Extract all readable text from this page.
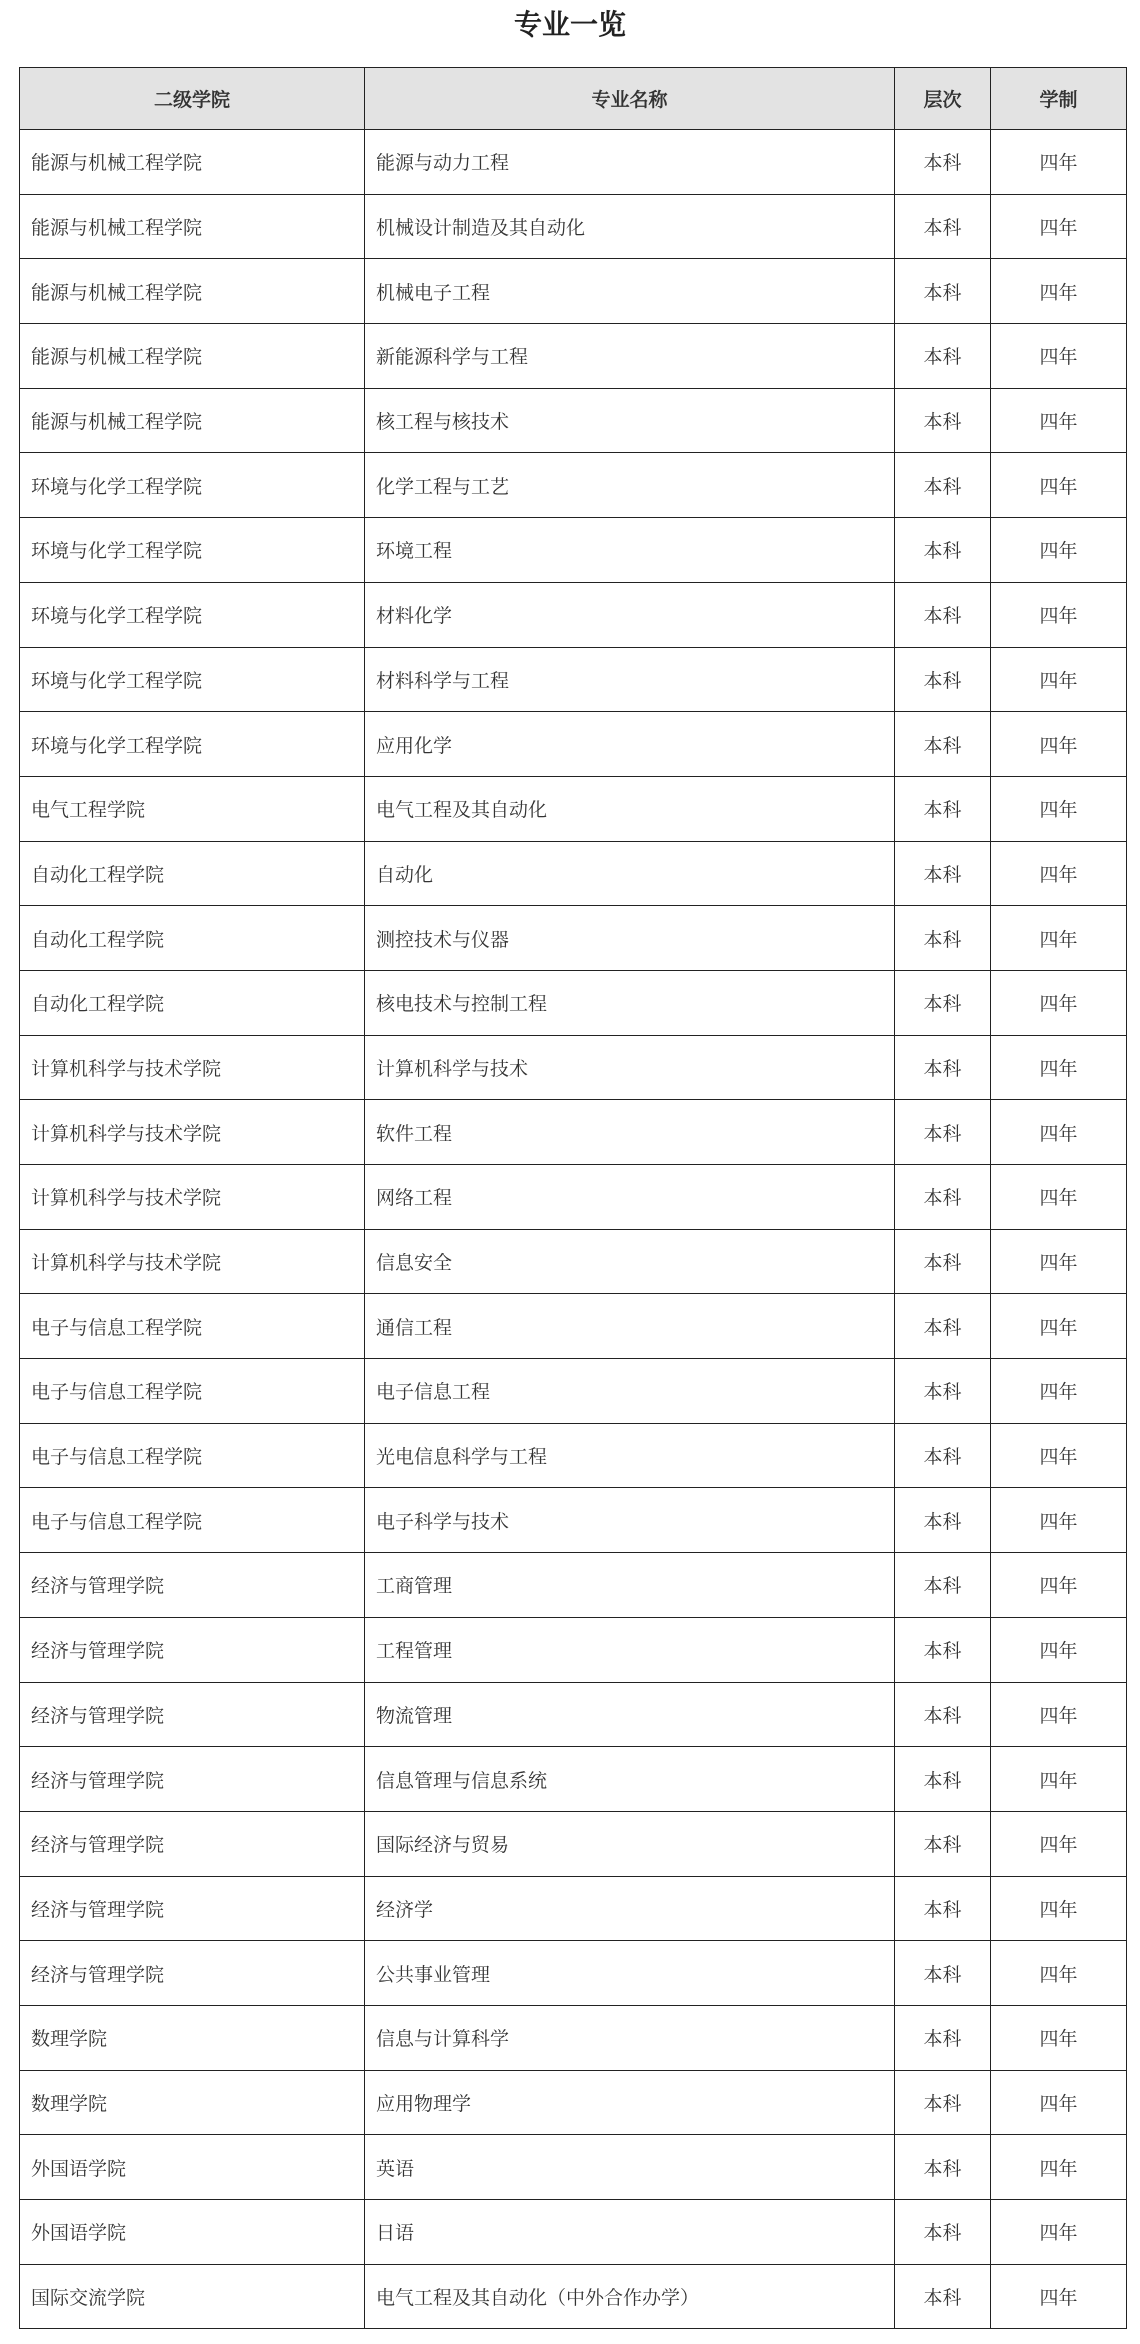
专业一览
二级学院	专业名称	层次	学制
能源与机械工程学院	能源与动力工程	本科	四年
能源与机械工程学院	机械设计制造及其自动化	本科	四年
能源与机械工程学院	机械电子工程	本科	四年
能源与机械工程学院	新能源科学与工程	本科	四年
能源与机械工程学院	核工程与核技术	本科	四年
环境与化学工程学院	化学工程与工艺	本科	四年
环境与化学工程学院	环境工程	本科	四年
环境与化学工程学院	材料化学	本科	四年
环境与化学工程学院	材料科学与工程	本科	四年
环境与化学工程学院	应用化学	本科	四年
电气工程学院	电气工程及其自动化	本科	四年
自动化工程学院	自动化	本科	四年
自动化工程学院	测控技术与仪器	本科	四年
自动化工程学院	核电技术与控制工程	本科	四年
计算机科学与技术学院	计算机科学与技术	本科	四年
计算机科学与技术学院	软件工程	本科	四年
计算机科学与技术学院	网络工程	本科	四年
计算机科学与技术学院	信息安全	本科	四年
电子与信息工程学院	通信工程	本科	四年
电子与信息工程学院	电子信息工程	本科	四年
电子与信息工程学院	光电信息科学与工程	本科	四年
电子与信息工程学院	电子科学与技术	本科	四年
经济与管理学院	工商管理	本科	四年
经济与管理学院	工程管理	本科	四年
经济与管理学院	物流管理	本科	四年
经济与管理学院	信息管理与信息系统	本科	四年
经济与管理学院	国际经济与贸易	本科	四年
经济与管理学院	经济学	本科	四年
经济与管理学院	公共事业管理	本科	四年
数理学院	信息与计算科学	本科	四年
数理学院	应用物理学	本科	四年
外国语学院	英语	本科	四年
外国语学院	日语	本科	四年
国际交流学院	电气工程及其自动化（中外合作办学）	本科	四年
